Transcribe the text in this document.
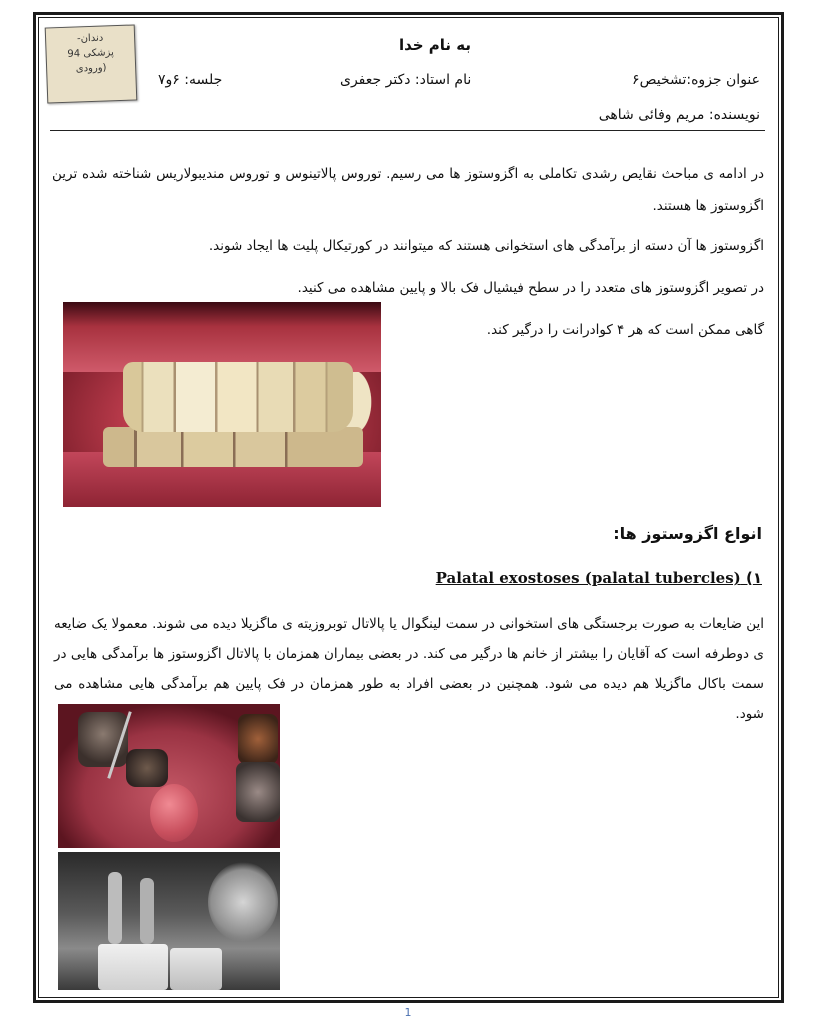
دندان-
پزشکی 94
(ورودی
به نام خدا
عنوان جزوه:تشخیص۶
نام استاد: دکتر جعفری
جلسه: ۶و۷
نویسنده: مریم وفائی شاهی
در ادامه ی مباحث نقایص رشدی تکاملی به اگزوستوز ها می رسیم. توروس پالاتینوس و توروس مندیبولاریس شناخته شده ترین اگزوستوز ها هستند.
اگزوستوز ها آن دسته از برآمدگی های استخوانی هستند که میتوانند در کورتیکال پلیت ها ایجاد شوند.
در تصویر اگزوستوز های متعدد را در سطح فیشیال فک بالا و پایین مشاهده می کنید.
گاهی ممکن است که هر ۴ کوادرانت را درگیر کند.
انواع اگزوستوز ها:
۱) Palatal exostoses (palatal tubercles)
این ضایعات به صورت برجستگی های استخوانی در سمت لینگوال یا پالاتال توبروزیته ی ماگزیلا دیده می شوند. معمولا یک ضایعه ی دوطرفه است که آقایان را بیشتر از خانم ها درگیر می کند. در بعضی بیماران همزمان با پالاتال اگزوستوز ها برآمدگی هایی در سمت باکال ماگزیلا هم دیده می شود. همچنین در بعضی افراد به طور همزمان در فک پایین هم برآمدگی هایی مشاهده می شود.
1
